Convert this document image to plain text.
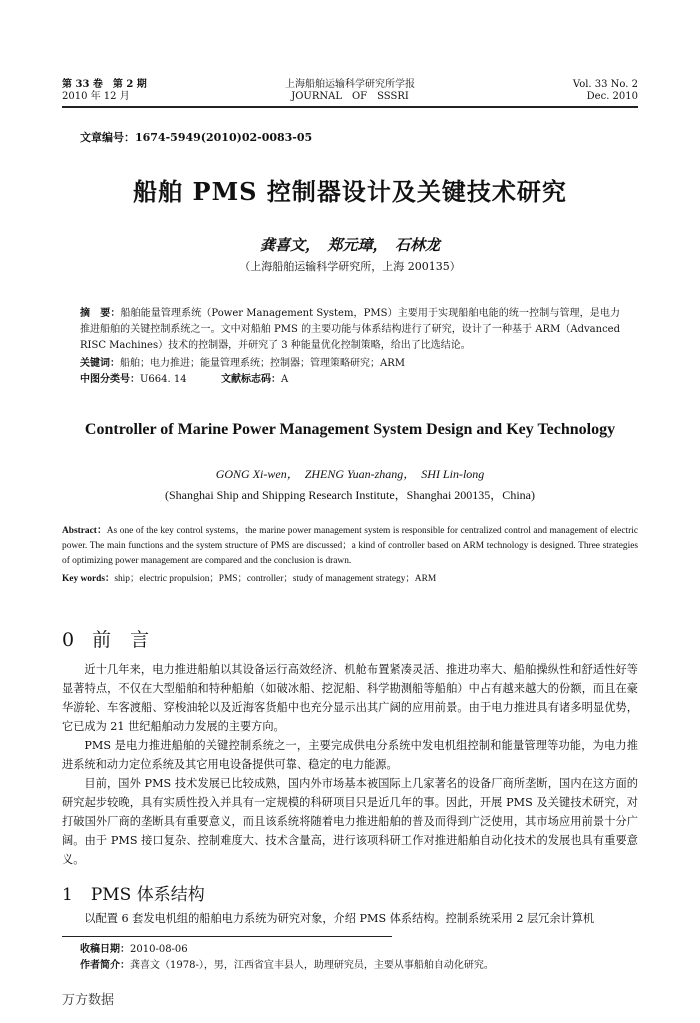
第 33 卷　第 2 期
2010 年 12 月
上海船舶运输科学研究所学报
JOURNAL　OF　SSSRI
Vol. 33 No. 2
Dec. 2010
文章编号：1674-5949(2010)02-0083-05
船舶 PMS 控制器设计及关键技术研究
龚喜文，　郑元璋，　石林龙
（上海船舶运输科学研究所，上海 200135）
摘　要：船舶能量管理系统（Power Management System，PMS）主要用于实现船舶电能的统一控制与管理，是电力推进船舶的关键控制系统之一。文中对船舶 PMS 的主要功能与体系结构进行了研究，设计了一种基于 ARM（Advanced RISC Machines）技术的控制器，并研究了 3 种能量优化控制策略，给出了比选结论。
关键词：船舶；电力推进；能量管理系统；控制器；管理策略研究；ARM
中图分类号：U664. 14	文献标志码：A
Controller of Marine Power Management System Design and Key Technology
GONG Xi-wen，　ZHENG Yuan-zhang，　SHI Lin-long
(Shanghai Ship and Shipping Research Institute，Shanghai 200135，China)
Abstract：As one of the key control systems，the marine power management system is responsible for centralized control and management of electric power. The main functions and the system structure of PMS are discussed；a kind of controller based on ARM technology is designed. Three strategies of optimizing power management are compared and the conclusion is drawn.
Key words：ship；electric propulsion；PMS；controller；study of management strategy；ARM
0 前　言

近十几年来，电力推进船舶以其设备运行高效经济、机舱布置紧凑灵活、推进功率大、船舶操纵性和舒适性好等显著特点，不仅在大型船舶和特种船舶（如破冰船、挖泥船、科学勘测船等船舶）中占有越来越大的份额，而且在豪华游轮、车客渡船、穿梭油轮以及近海客货船中也充分显示出其广阔的应用前景。由于电力推进具有诸多明显优势，它已成为 21 世纪船舶动力发展的主要方向。

PMS 是电力推进船舶的关键控制系统之一，主要完成供电分系统中发电机组控制和能量管理等功能，为电力推进系统和动力定位系统及其它用电设备提供可靠、稳定的电力能源。

目前，国外 PMS 技术发展已比较成熟，国内外市场基本被国际上几家著名的设备厂商所垄断，国内在这方面的研究起步较晚，具有实质性投入并具有一定规模的科研项目只是近几年的事。因此，开展 PMS 及关键技术研究，对打破国外厂商的垄断具有重要意义，而且该系统将随着电力推进船舶的普及而得到广泛使用，其市场应用前景十分广阔。由于 PMS 接口复杂、控制难度大、技术含量高，进行该项科研工作对推进船舶自动化技术的发展也具有重要意义。

1 PMS 体系结构

以配置 6 套发电机组的船舶电力系统为研究对象，介绍 PMS 体系结构。控制系统采用 2 层冗余计算机

收稿日期：2010-08-06
作者简介：龚喜文（1978-），男，江西省宜丰县人，助理研究员，主要从事船舶自动化研究。
万方数据
